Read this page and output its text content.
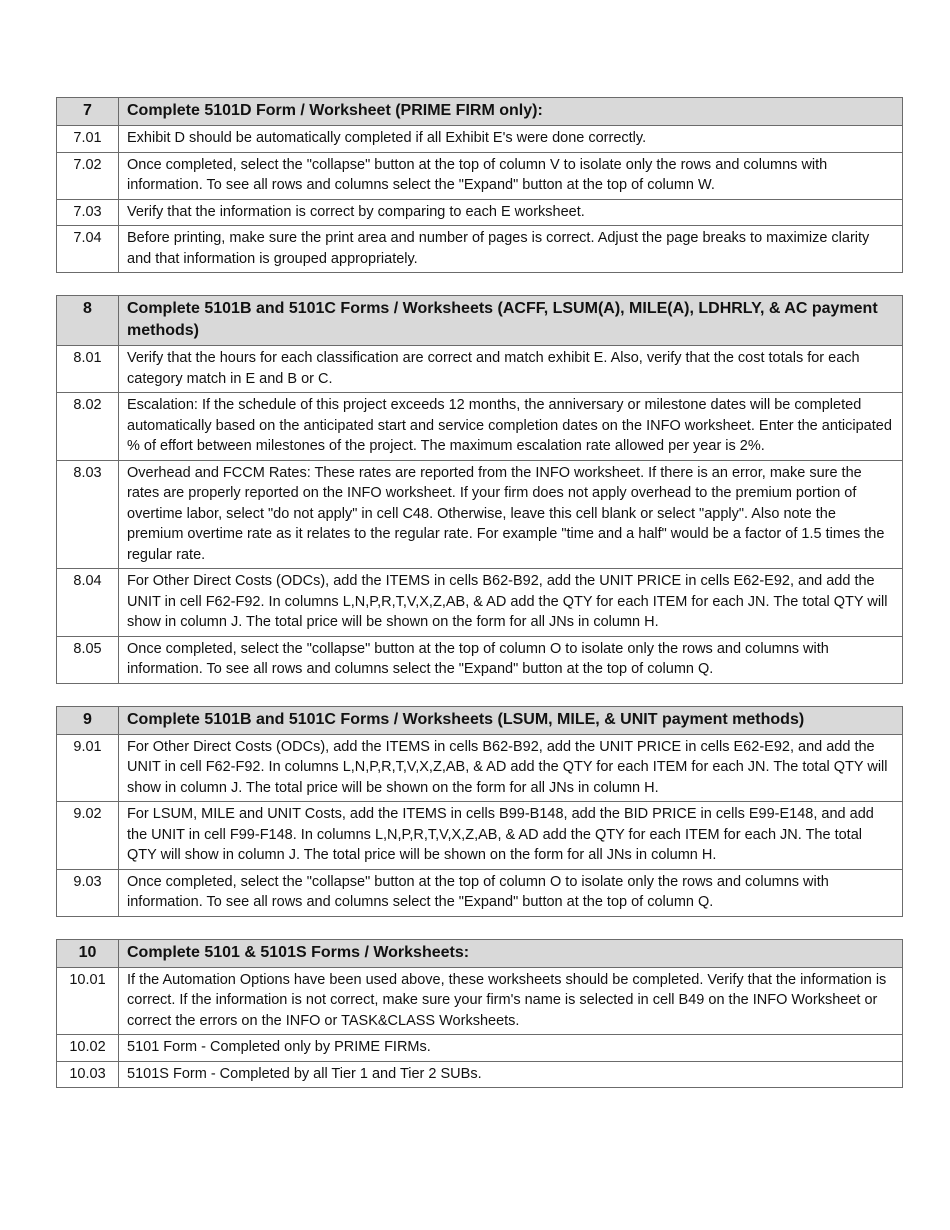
7	Complete 5101D Form / Worksheet (PRIME FIRM only):
7.01	Exhibit D should be automatically completed if all Exhibit E's were done correctly.
7.02	Once completed, select the "collapse" button at the top of column V to isolate only the rows and columns with information. To see all rows and columns select the "Expand" button at the top of column W.
7.03	Verify that the information is correct by comparing to each E worksheet.
7.04	Before printing, make sure the print area and number of pages is correct. Adjust the page breaks to maximize clarity and that information is grouped appropriately.
8	Complete 5101B and 5101C Forms / Worksheets (ACFF, LSUM(A), MILE(A), LDHRLY, & AC payment methods)
8.01	Verify that the hours for each classification are correct and match exhibit E. Also, verify that the cost totals for each category match in E and B or C.
8.02	Escalation: If the schedule of this project exceeds 12 months, the anniversary or milestone dates will be completed automatically based on the anticipated start and service completion dates on the INFO worksheet. Enter the anticipated % of effort between milestones of the project. The maximum escalation rate allowed per year is 2%.
8.03	Overhead and FCCM Rates: These rates are reported from the INFO worksheet. If there is an error, make sure the rates are properly reported on the INFO worksheet. If your firm does not apply overhead to the premium portion of overtime labor, select "do not apply" in cell C48. Otherwise, leave this cell blank or select "apply". Also note the premium overtime rate as it relates to the regular rate. For example "time and a half" would be a factor of 1.5 times the regular rate.
8.04	For Other Direct Costs (ODCs), add the ITEMS in cells B62-B92, add the UNIT PRICE in cells E62-E92, and add the UNIT in cell F62-F92. In columns L,N,P,R,T,V,X,Z,AB, & AD add the QTY for each ITEM for each JN. The total QTY will show in column J. The total price will be shown on the form for all JNs in column H.
8.05	Once completed, select the "collapse" button at the top of column O to isolate only the rows and columns with information. To see all rows and columns select the "Expand" button at the top of column Q.
9	Complete 5101B and 5101C Forms / Worksheets (LSUM, MILE, & UNIT payment methods)
9.01	For Other Direct Costs (ODCs), add the ITEMS in cells B62-B92, add the UNIT PRICE in cells E62-E92, and add the UNIT in cell F62-F92. In columns L,N,P,R,T,V,X,Z,AB, & AD add the QTY for each ITEM for each JN. The total QTY will show in column J. The total price will be shown on the form for all JNs in column H.
9.02	For LSUM, MILE and UNIT Costs, add the ITEMS in cells B99-B148, add the BID PRICE in cells E99-E148, and add the UNIT in cell F99-F148. In columns L,N,P,R,T,V,X,Z,AB, & AD add the QTY for each ITEM for each JN. The total QTY will show in column J. The total price will be shown on the form for all JNs in column H.
9.03	Once completed, select the "collapse" button at the top of column O to isolate only the rows and columns with information. To see all rows and columns select the "Expand" button at the top of column Q.
10	Complete 5101 & 5101S Forms / Worksheets:
10.01	If the Automation Options have been used above, these worksheets should be completed. Verify that the information is correct. If the information is not correct, make sure your firm's name is selected in cell B49 on the INFO Worksheet or correct the errors on the INFO or TASK&CLASS Worksheets.
10.02	5101 Form - Completed only by PRIME FIRMs.
10.03	5101S Form - Completed by all Tier 1 and Tier 2 SUBs.
